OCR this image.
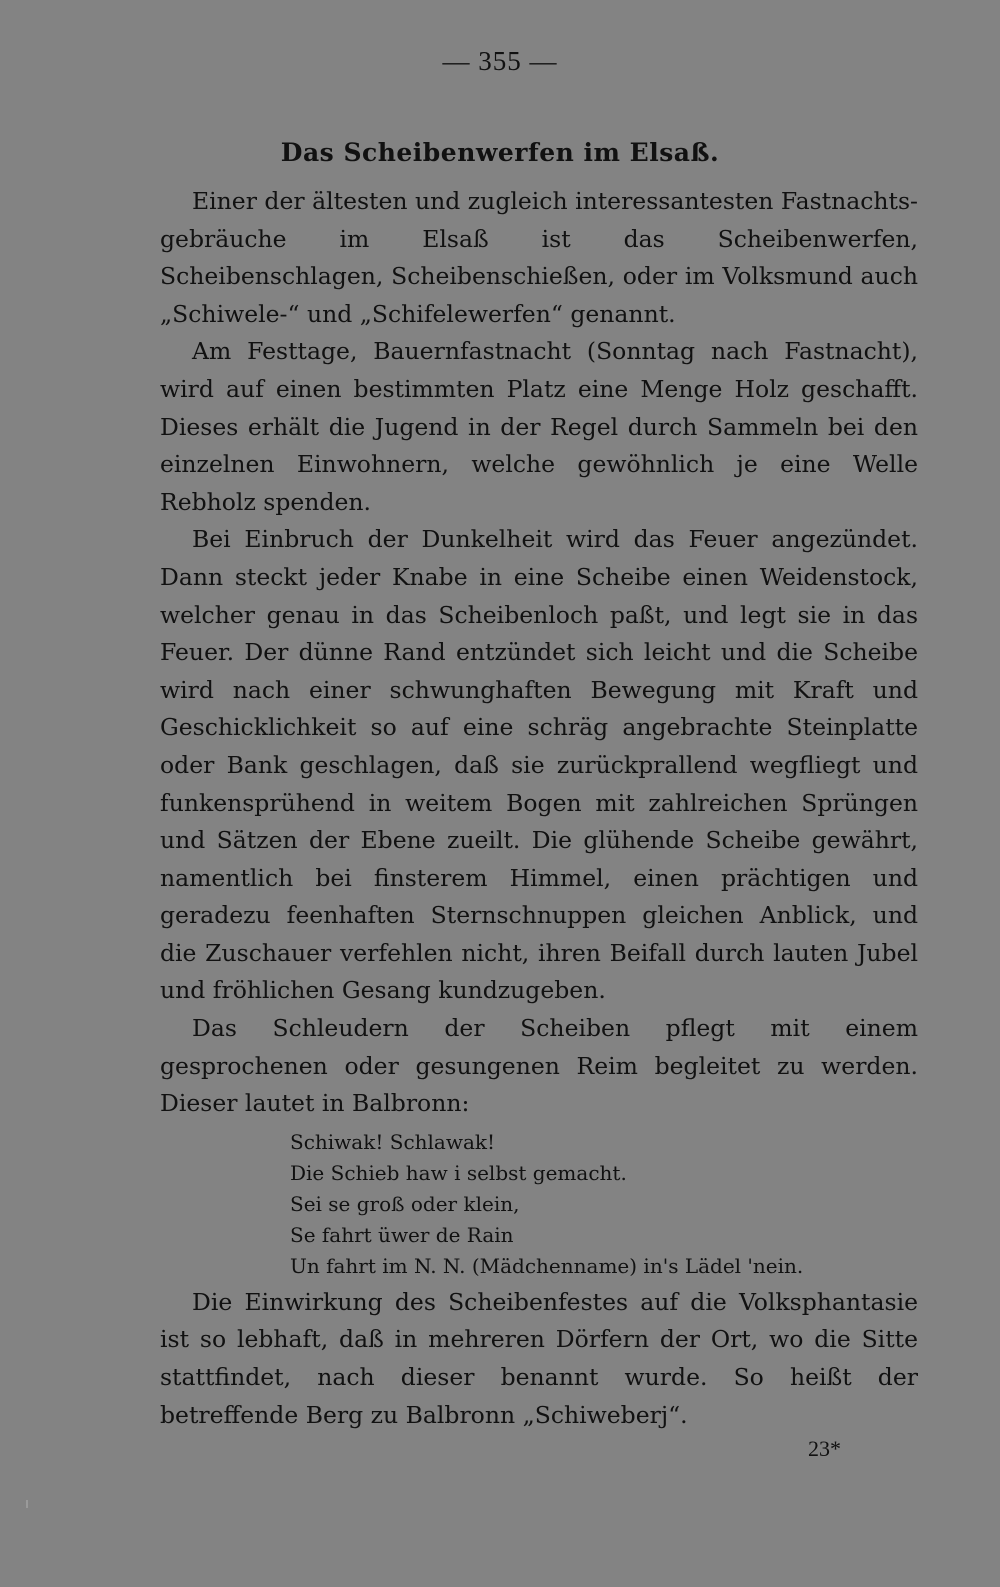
— 355 —
Das Scheibenwerfen im Elsaß.

Einer der ältesten und zugleich interessantesten Fastnachtsgebräuche im Elsaß ist das Scheibenwerfen, Scheibenschlagen, Scheibenschießen, oder im Volksmund auch „Schiwele-“ und „Schifelewerfen“ genannt.

Am Festtage, Bauernfastnacht (Sonntag nach Fastnacht), wird auf einen bestimmten Platz eine Menge Holz geschafft. Dieses erhält die Jugend in der Regel durch Sammeln bei den einzelnen Einwohnern, welche gewöhnlich je eine Welle Rebholz spenden.

Bei Einbruch der Dunkelheit wird das Feuer angezündet. Dann steckt jeder Knabe in eine Scheibe einen Weidenstock, welcher genau in das Scheibenloch paßt, und legt sie in das Feuer. Der dünne Rand entzündet sich leicht und die Scheibe wird nach einer schwunghaften Bewegung mit Kraft und Geschicklichkeit so auf eine schräg angebrachte Steinplatte oder Bank geschlagen, daß sie zurückprallend wegfliegt und funkensprühend in weitem Bogen mit zahlreichen Sprüngen und Sätzen der Ebene zueilt. Die glühende Scheibe gewährt, namentlich bei finsterem Himmel, einen prächtigen und geradezu feenhaften Sternschnuppen gleichen Anblick, und die Zuschauer verfehlen nicht, ihren Beifall durch lauten Jubel und fröhlichen Gesang kundzugeben.

Das Schleudern der Scheiben pflegt mit einem gesprochenen oder gesungenen Reim begleitet zu werden. Dieser lautet in Balbronn:

Schiwak! Schlawak!
Die Schieb haw i selbst gemacht.
Sei se groß oder klein,
Se fahrt üwer de Rain
Un fahrt im N. N. (Mädchenname) in's Lädel 'nein.

Die Einwirkung des Scheibenfestes auf die Volksphantasie ist so lebhaft, daß in mehreren Dörfern der Ort, wo die Sitte stattfindet, nach dieser benannt wurde. So heißt der betreffende Berg zu Balbronn „Schiweberj“.

23*
